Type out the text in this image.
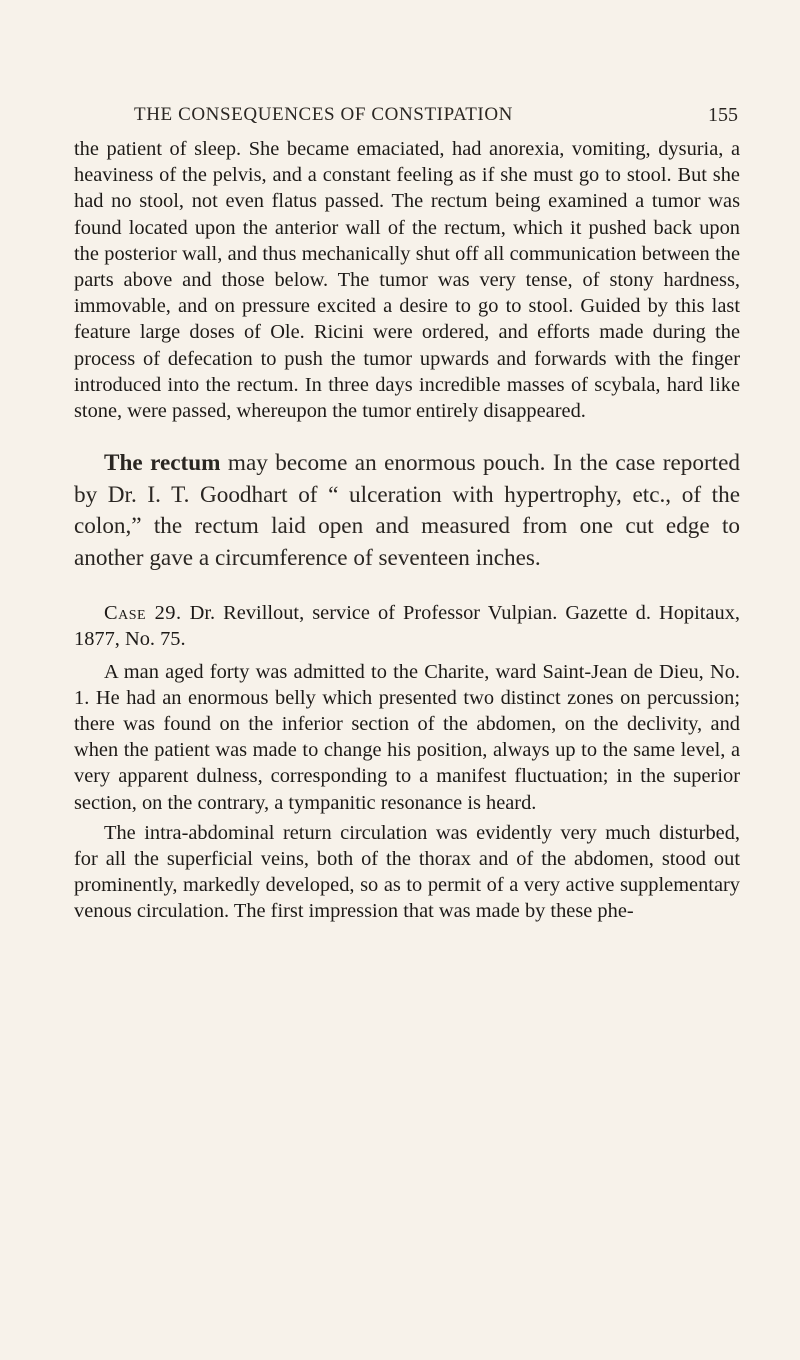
THE CONSEQUENCES OF CONSTIPATION	155

the patient of sleep. She became emaciated, had anorexia, vomiting, dysuria, a heaviness of the pelvis, and a constant feeling as if she must go to stool. But she had no stool, not even flatus passed. The rectum being examined a tumor was found located upon the anterior wall of the rectum, which it pushed back upon the posterior wall, and thus mechanically shut off all communication between the parts above and those below. The tumor was very tense, of stony hardness, immovable, and on pressure excited a desire to go to stool. Guided by this last feature large doses of Ole. Ricini were ordered, and efforts made during the process of defecation to push the tumor upwards and forwards with the finger introduced into the rectum. In three days incredible masses of scybala, hard like stone, were passed, whereupon the tumor entirely disappeared.

The rectum may become an enormous pouch. In the case reported by Dr. I. T. Goodhart of “ ulceration with hypertrophy, etc., of the colon,” the rectum laid open and measured from one cut edge to another gave a circumference of seventeen inches.

Case 29. Dr. Revillout, service of Professor Vulpian. Gazette d. Hopitaux, 1877, No. 75.

A man aged forty was admitted to the Charite, ward Saint-Jean de Dieu, No. 1. He had an enormous belly which presented two distinct zones on percussion; there was found on the inferior section of the abdomen, on the declivity, and when the patient was made to change his position, always up to the same level, a very apparent dulness, corresponding to a manifest fluctuation; in the superior section, on the contrary, a tympanitic resonance is heard.

The intra-abdominal return circulation was evidently very much disturbed, for all the superficial veins, both of the thorax and of the abdomen, stood out prominently, markedly developed, so as to permit of a very active supplementary venous circulation. The first impression that was made by these phe-
